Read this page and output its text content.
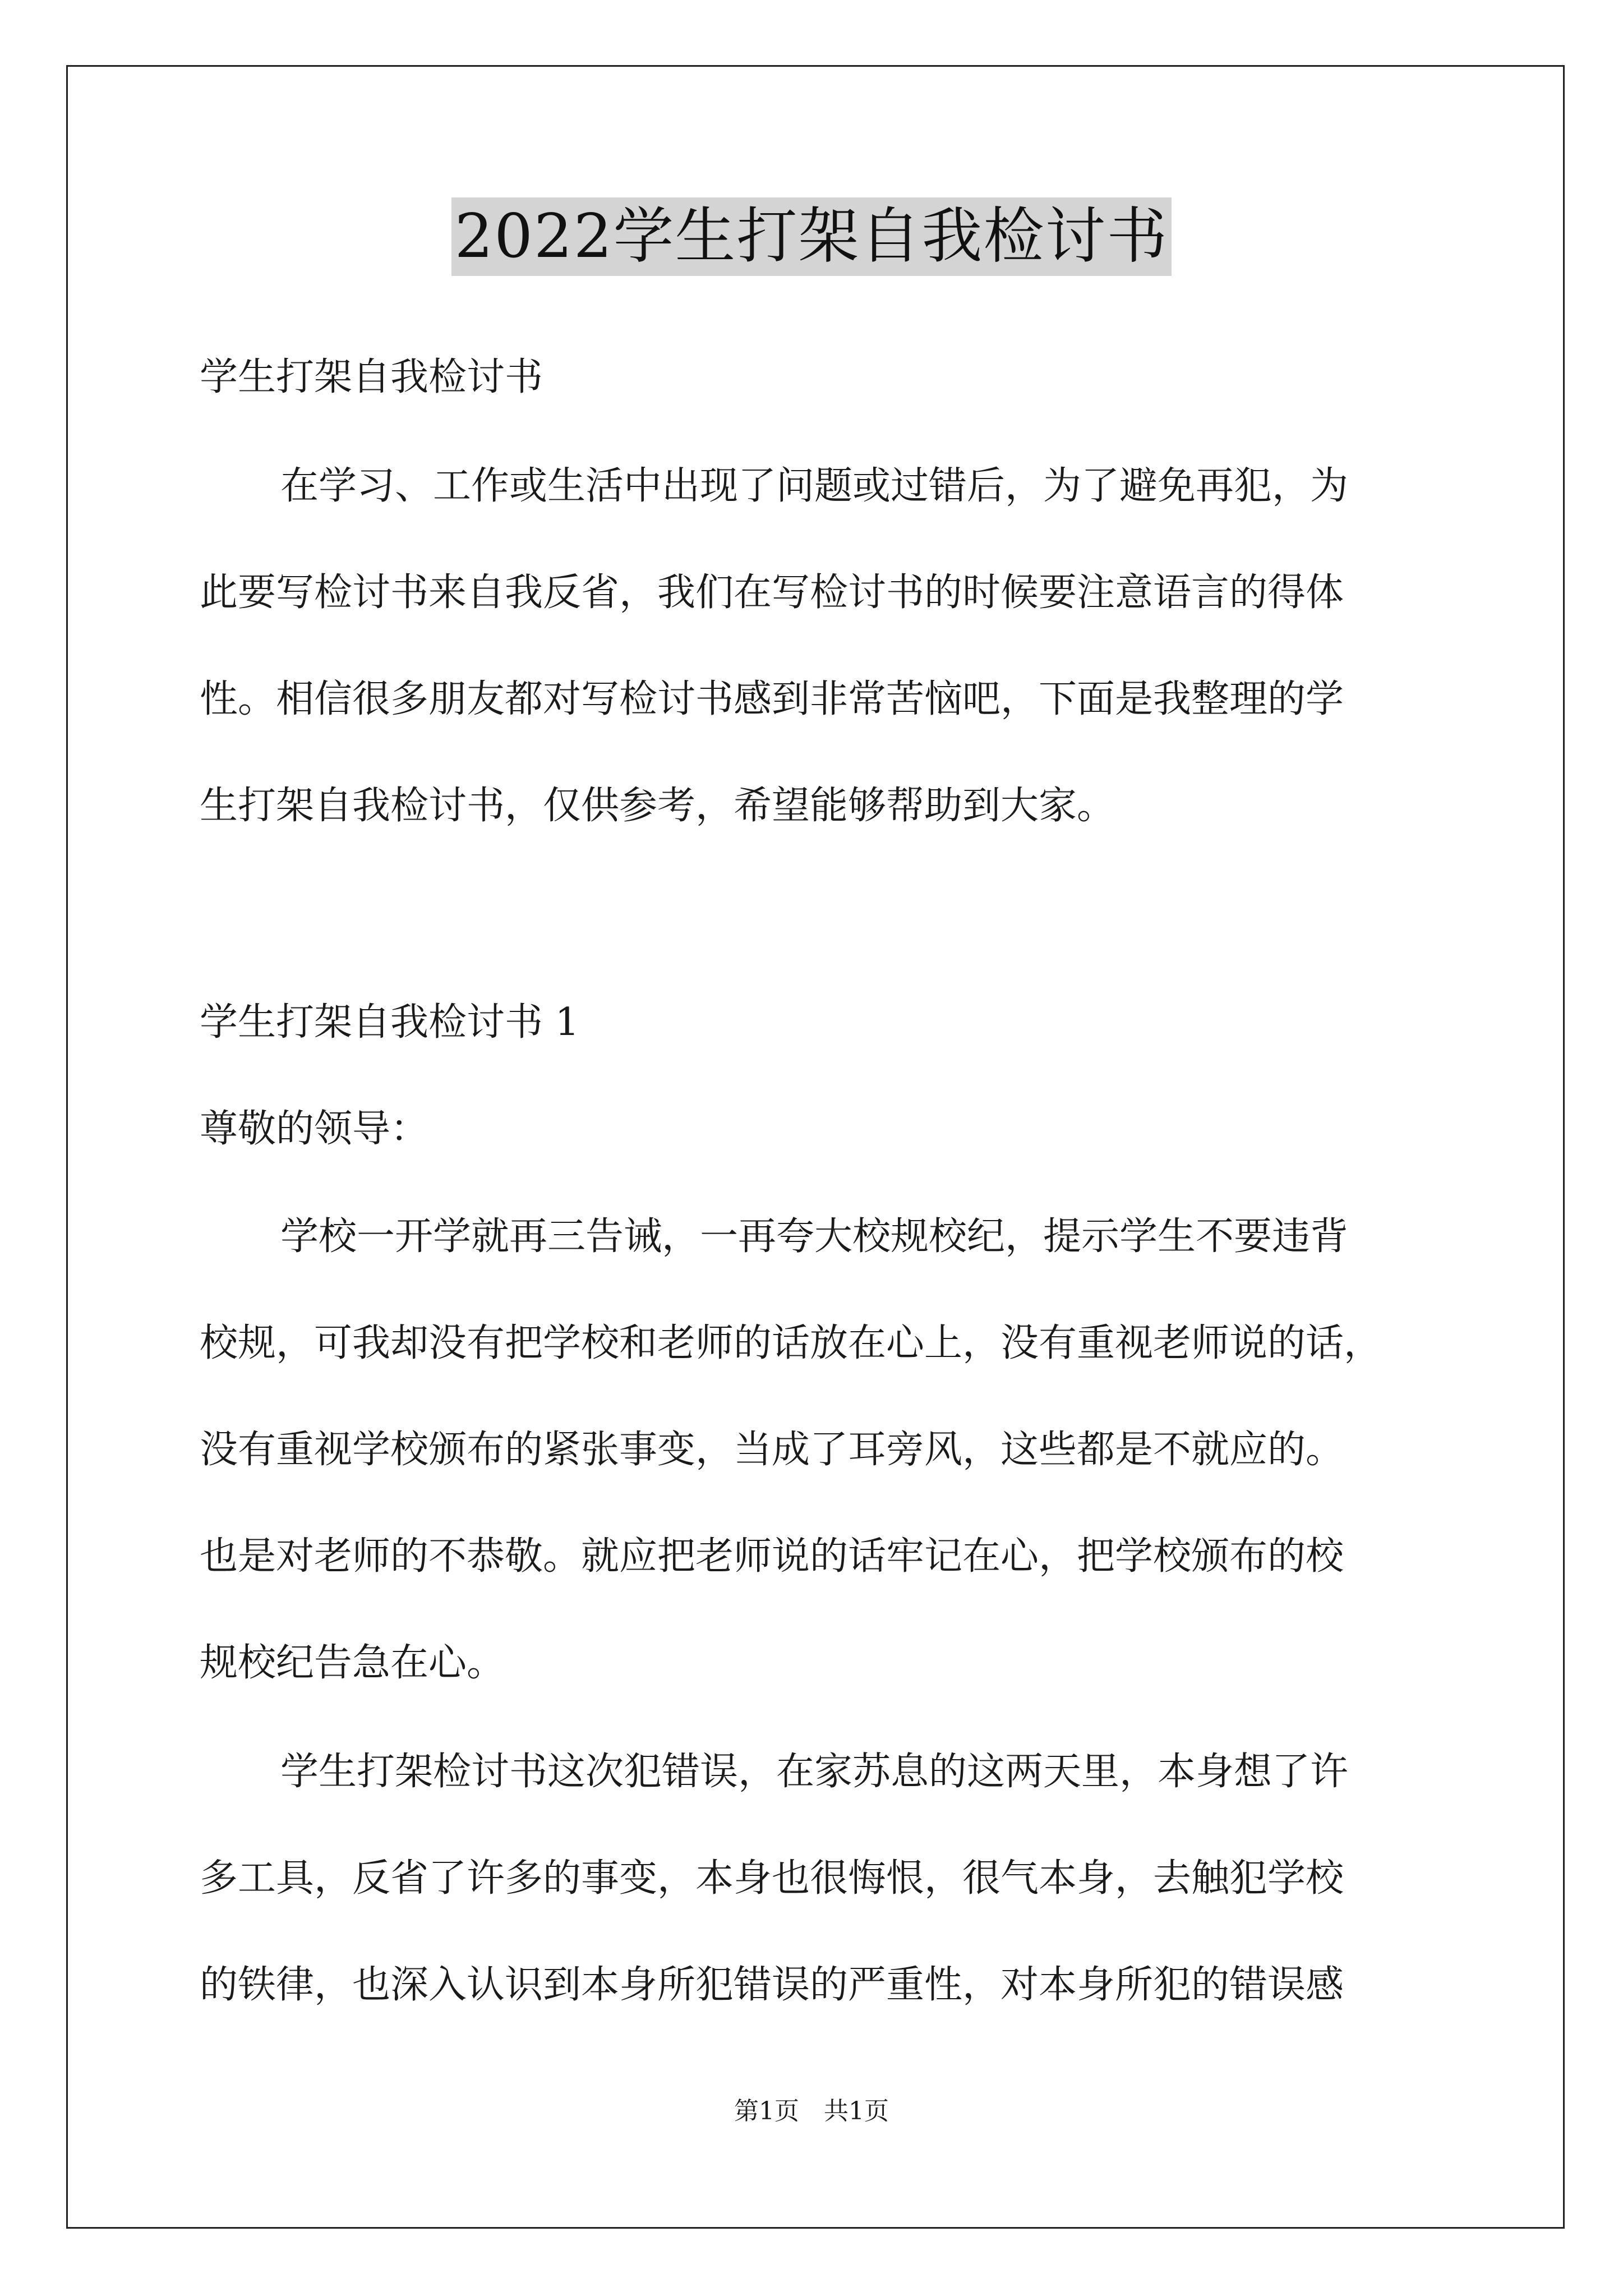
2022学生打架自我检讨书
学生打架自我检讨书
在学习、工作或生活中出现了问题或过错后，为了避免再犯，为
此要写检讨书来自我反省，我们在写检讨书的时候要注意语言的得体
性。相信很多朋友都对写检讨书感到非常苦恼吧，下面是我整理的学
生打架自我检讨书，仅供参考，希望能够帮助到大家。
学生打架自我检讨书 1
尊敬的领导：
学校一开学就再三告诫，一再夸大校规校纪，提示学生不要违背
校规，可我却没有把学校和老师的话放在心上，没有重视老师说的话，
没有重视学校颁布的紧张事变，当成了耳旁风，这些都是不就应的。
也是对老师的不恭敬。就应把老师说的话牢记在心，把学校颁布的校
规校纪告急在心。
学生打架检讨书这次犯错误，在家苏息的这两天里，本身想了许
多工具，反省了许多的事变，本身也很悔恨，很气本身，去触犯学校
的铁律，也深入认识到本身所犯错误的严重性，对本身所犯的错误感
第1页　共1页
